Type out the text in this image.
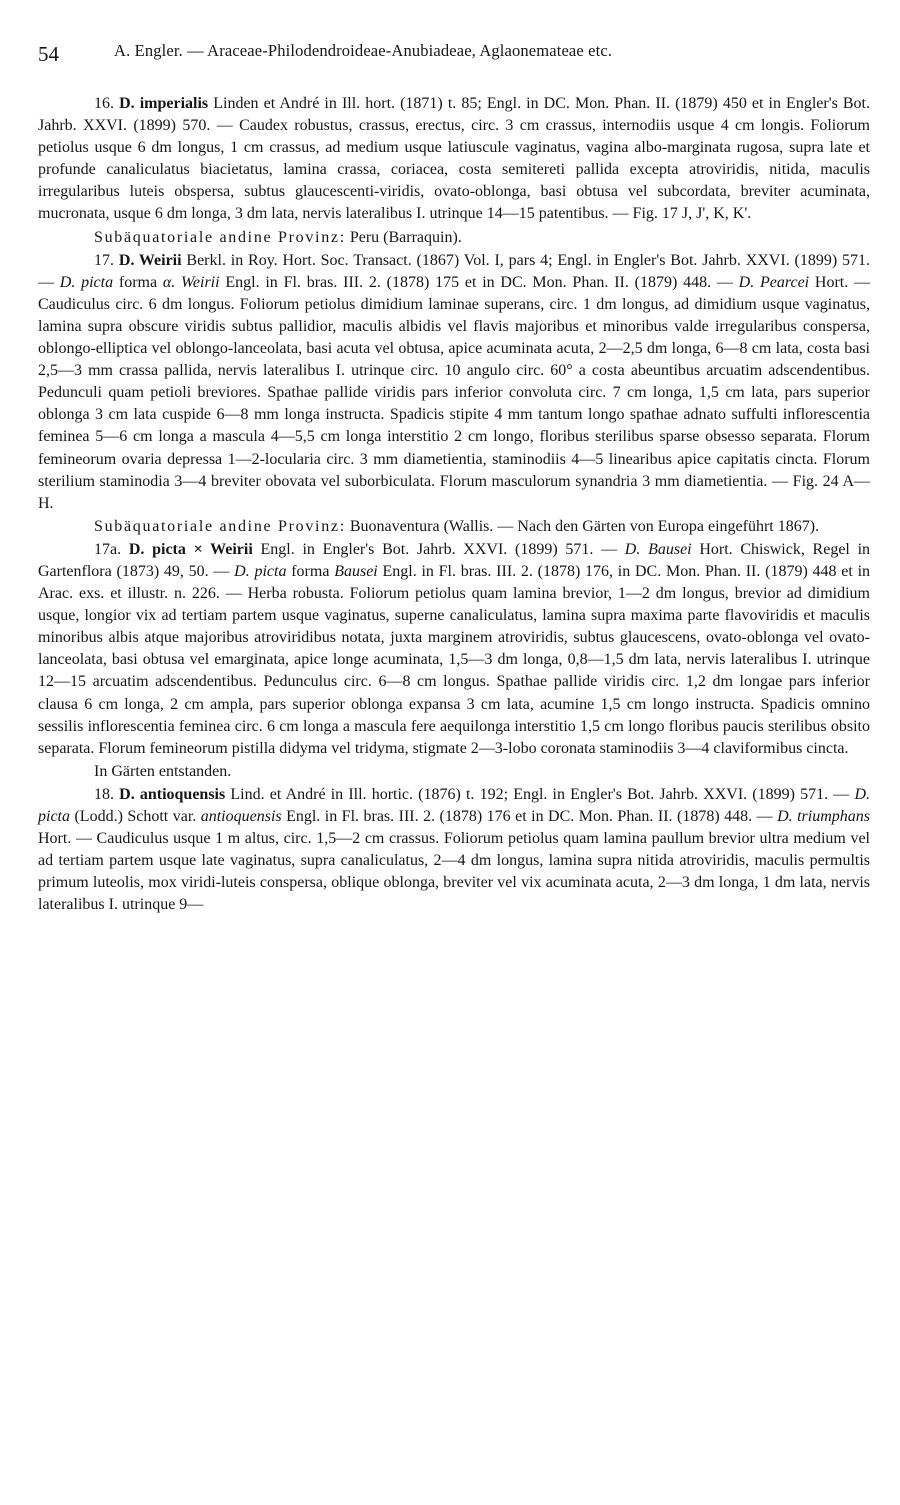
54	A. Engler. — Araceae-Philodendroideae-Anubiadeae, Aglaonemateae etc.

16. D. imperialis Linden et André in Ill. hort. (1871) t. 85; Engl. in DC. Mon. Phan. II. (1879) 450 et in Engler's Bot. Jahrb. XXVI. (1899) 570. — Caudex robustus, crassus, erectus, circ. 3 cm crassus, internodiis usque 4 cm longis. Foliorum petiolus usque 6 dm longus, 1 cm crassus, ad medium usque latiuscule vaginatus, vagina albo-marginata rugosa, supra late et profunde canaliculatus biacietatus, lamina crassa, coriacea, costa semitereti pallida excepta atroviridis, nitida, maculis irregularibus luteis obspersa, subtus glaucescenti-viridis, ovato-oblonga, basi obtusa vel subcordata, breviter acuminata, mucronata, usque 6 dm longa, 3 dm lata, nervis lateralibus I. utrinque 14—15 patentibus. — Fig. 17 J, J', K, K'.

Subäquatoriale andine Provinz: Peru (Barraquin).

17. D. Weirii Berkl. in Roy. Hort. Soc. Transact. (1867) Vol. I, pars 4; Engl. in Engler's Bot. Jahrb. XXVI. (1899) 571. — D. picta forma α. Weirii Engl. in Fl. bras. III. 2. (1878) 175 et in DC. Mon. Phan. II. (1879) 448. — D. Pearcei Hort. — Caudiculus circ. 6 dm longus. Foliorum petiolus dimidium laminae superans, circ. 1 dm longus, ad dimidium usque vaginatus, lamina supra obscure viridis subtus pallidior, maculis albidis vel flavis majoribus et minoribus valde irregularibus conspersa, oblongo-elliptica vel oblongo-lanceolata, basi acuta vel obtusa, apice acuminata acuta, 2—2,5 dm longa, 6—8 cm lata, costa basi 2,5—3 mm crassa pallida, nervis lateralibus I. utrinque circ. 10 angulo circ. 60° a costa abeuntibus arcuatim adscendentibus. Pedunculi quam petioli breviores. Spathae pallide viridis pars inferior convoluta circ. 7 cm longa, 1,5 cm lata, pars superior oblonga 3 cm lata cuspide 6—8 mm longa instructa. Spadicis stipite 4 mm tantum longo spathae adnato suffulti inflorescentia feminea 5—6 cm longa a mascula 4—5,5 cm longa interstitio 2 cm longo, floribus sterilibus sparse obsesso separata. Florum femineorum ovaria depressa 1—2-locularia circ. 3 mm diametientia, staminodiis 4—5 linearibus apice capitatis cincta. Florum sterilium staminodia 3—4 breviter obovata vel suborbiculata. Florum masculorum synandria 3 mm diametientia. — Fig. 24 A—H.

Subäquatoriale andine Provinz: Buonaventura (Wallis. — Nach den Gärten von Europa eingeführt 1867).

17a. D. picta × Weirii Engl. in Engler's Bot. Jahrb. XXVI. (1899) 571. — D. Bausei Hort. Chiswick, Regel in Gartenflora (1873) 49, 50. — D. picta forma Bausei Engl. in Fl. bras. III. 2. (1878) 176, in DC. Mon. Phan. II. (1879) 448 et in Arac. exs. et illustr. n. 226. — Herba robusta. Foliorum petiolus quam lamina brevior, 1—2 dm longus, brevior ad dimidium usque, longior vix ad tertiam partem usque vaginatus, superne canaliculatus, lamina supra maxima parte flavoviridis et maculis minoribus albis atque majoribus atroviridibus notata, juxta marginem atroviridis, subtus glaucescens, ovato-oblonga vel ovato-lanceolata, basi obtusa vel emarginata, apice longe acuminata, 1,5—3 dm longa, 0,8—1,5 dm lata, nervis lateralibus I. utrinque 12—15 arcuatim adscendentibus. Pedunculus circ. 6—8 cm longus. Spathae pallide viridis circ. 1,2 dm longae pars inferior clausa 6 cm longa, 2 cm ampla, pars superior oblonga expansa 3 cm lata, acumine 1,5 cm longo instructa. Spadicis omnino sessilis inflorescentia feminea circ. 6 cm longa a mascula fere aequilonga interstitio 1,5 cm longo floribus paucis sterilibus obsito separata. Florum femineorum pistilla didyma vel tridyma, stigmate 2—3-lobo coronata staminodiis 3—4 claviformibus cincta.

In Gärten entstanden.

18. D. antioquensis Lind. et André in Ill. hortic. (1876) t. 192; Engl. in Engler's Bot. Jahrb. XXVI. (1899) 571. — D. picta (Lodd.) Schott var. antioquensis Engl. in Fl. bras. III. 2. (1878) 176 et in DC. Mon. Phan. II. (1878) 448. — D. triumphans Hort. — Caudiculus usque 1 m altus, circ. 1,5—2 cm crassus. Foliorum petiolus quam lamina paullum brevior ultra medium vel ad tertiam partem usque late vaginatus, supra canaliculatus, 2—4 dm longus, lamina supra nitida atroviridis, maculis permultis primum luteolis, mox viridi-luteis conspersa, oblique oblonga, breviter vel vix acuminata acuta, 2—3 dm longa, 1 dm lata, nervis lateralibus I. utrinque 9—
